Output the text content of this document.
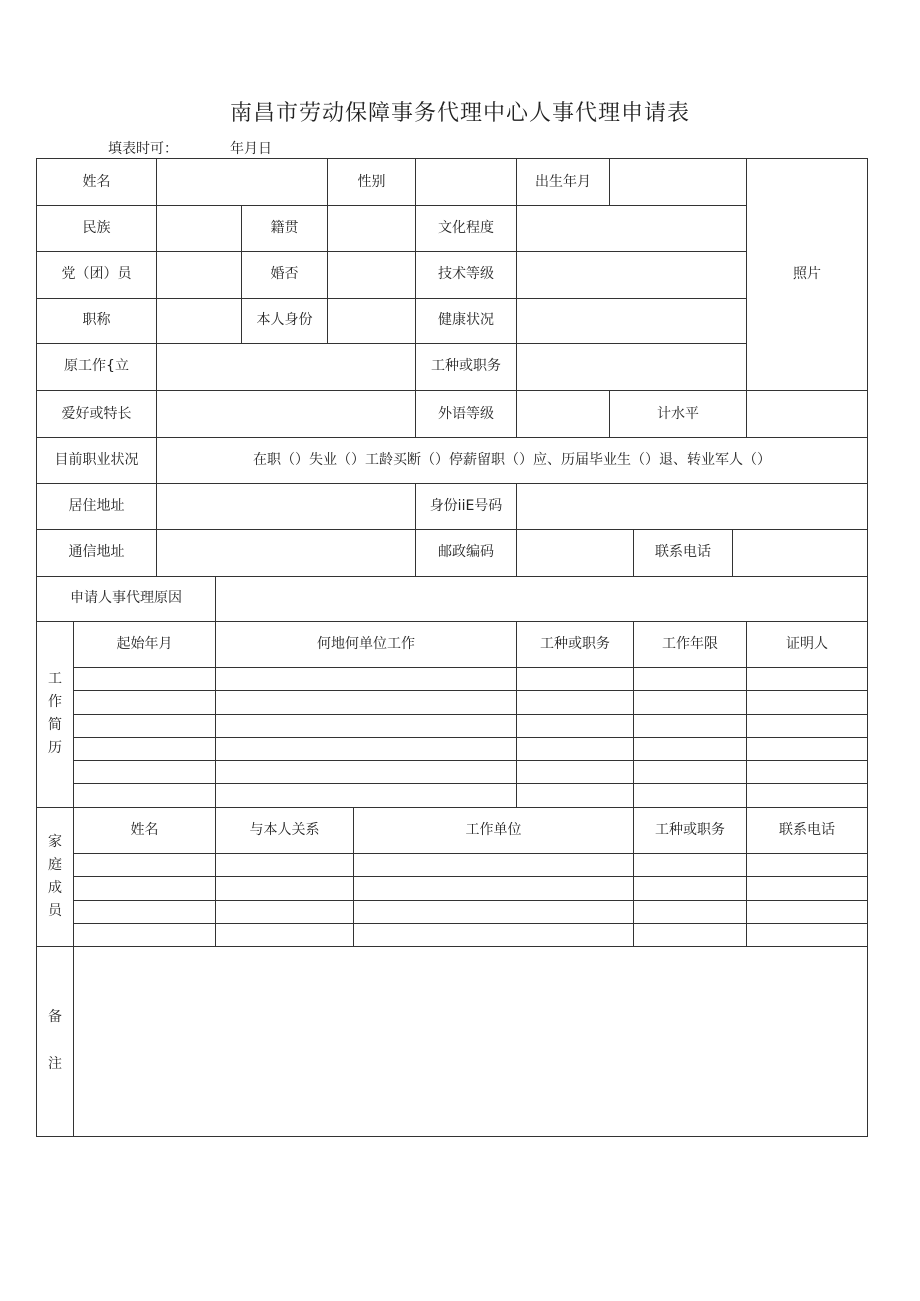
南昌市劳动保障事务代理中心人事代理申请表
填表时可：	年月日
姓名	性别	出生年月
照片
民族	籍贯	文化程度
党（团）员	婚否	技术等级
职称	本人身份	健康状况
原工作{立	工种或职务
爱好或特长	外语等级	计水平
目前职业状况	在职（）失业（）工龄买断（）停薪留职（）应、历届毕业生（）退、转业军人（）
居住地址	身份iiE号码
通信地址	邮政编码	联系电话
申请人事代理原因
工
作
简
历
起始年月	何地何单位工作	工种或职务	工作年限	证明人
家
庭
成
员
姓名	与本人关系	工作单位	工种或职务	联系电话
备
注
